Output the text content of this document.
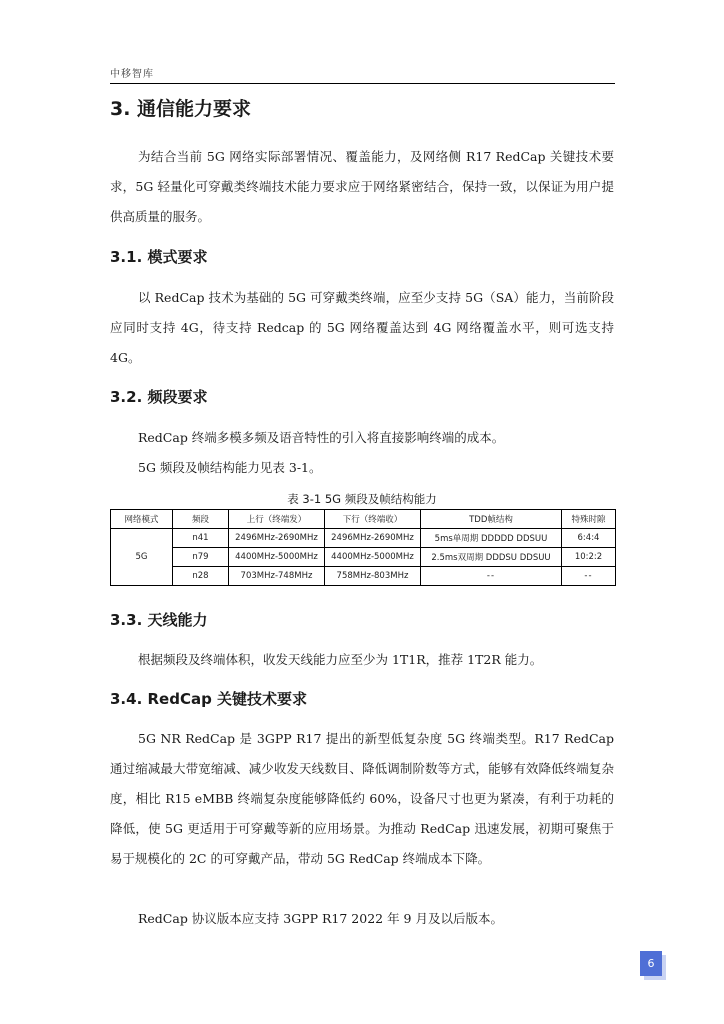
中移智库
3. 通信能力要求
为结合当前 5G 网络实际部署情况、覆盖能力，及网络侧 R17 RedCap 关键技术要求，5G 轻量化可穿戴类终端技术能力要求应于网络紧密结合，保持一致，以保证为用户提供高质量的服务。
3.1. 模式要求
以 RedCap 技术为基础的 5G 可穿戴类终端，应至少支持 5G（SA）能力，当前阶段应同时支持 4G，待支持 Redcap 的 5G 网络覆盖达到 4G 网络覆盖水平，则可选支持 4G。
3.2. 频段要求
RedCap 终端多模多频及语音特性的引入将直接影响终端的成本。
5G 频段及帧结构能力见表 3-1。
表 3-1 5G 频段及帧结构能力
网络模式	频段	上行（终端发）	下行（终端收）	TDD帧结构	特殊时隙
5G	n41	2496MHz-2690MHz	2496MHz-2690MHz	5ms单周期 DDDDD DDSUU	6:4:4
	n79	4400MHz-5000MHz	4400MHz-5000MHz	2.5ms双周期 DDDSU DDSUU	10:2:2
	n28	703MHz-748MHz	758MHz-803MHz	--	--
3.3. 天线能力
根据频段及终端体积，收发天线能力应至少为 1T1R，推荐 1T2R 能力。
3.4. RedCap 关键技术要求
5G NR RedCap 是 3GPP R17 提出的新型低复杂度 5G 终端类型。R17 RedCap 通过缩减最大带宽缩减、减少收发天线数目、降低调制阶数等方式，能够有效降低终端复杂度，相比 R15 eMBB 终端复杂度能够降低约 60%，设备尺寸也更为紧凑，有利于功耗的降低，使 5G 更适用于可穿戴等新的应用场景。为推动 RedCap 迅速发展，初期可聚焦于易于规模化的 2C 的可穿戴产品，带动 5G RedCap 终端成本下降。
RedCap 协议版本应支持 3GPP R17 2022 年 9 月及以后版本。
6
